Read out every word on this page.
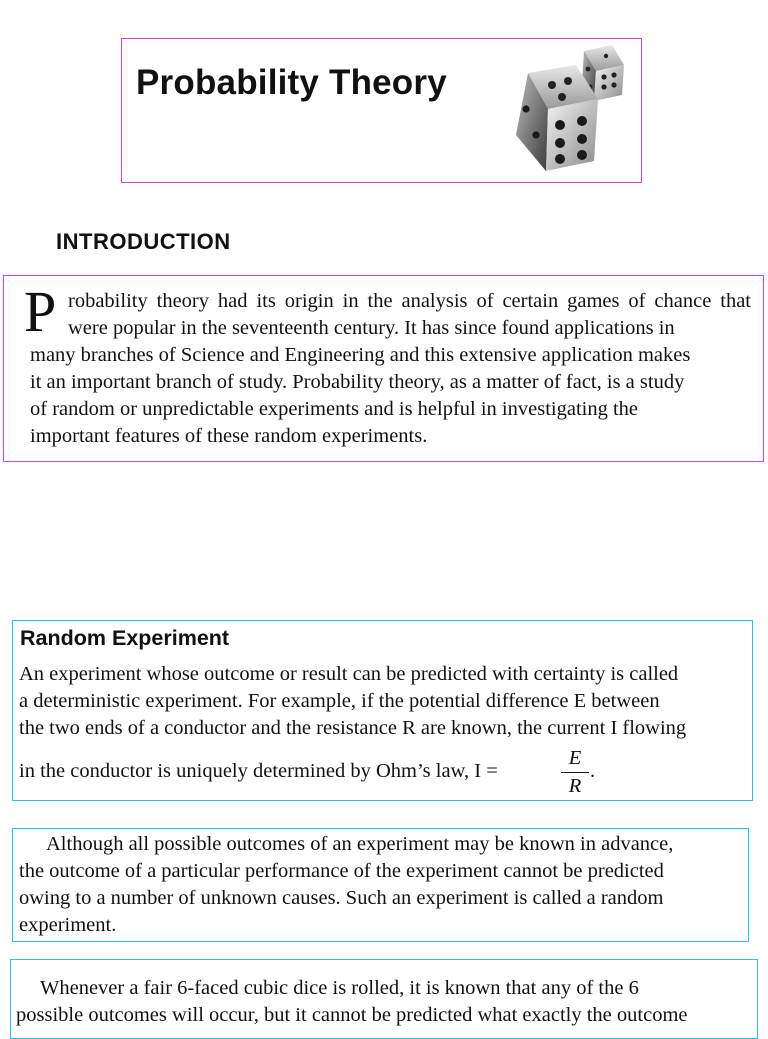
Probability Theory
INTRODUCTION
P robability theory had its origin in the analysis of certain games of chance that

were popular in the seventeenth century. It has since found applications in

many branches of Science and Engineering and this extensive application makes

it an important branch of study. Probability theory, as a matter of fact, is a study

of random or unpredictable experiments and is helpful in investigating the

important features of these random experiments.

Random Experiment

An experiment whose outcome or result can be predicted with certainty is called

a deterministic experiment. For example, if the potential difference E between

the two ends of a conductor and the resistance R are known, the current I flowing

in the conductor is uniquely determined by Ohm’s law, I =

E
R

.

Although all possible outcomes of an experiment may be known in advance,

the outcome of a particular performance of the experiment cannot be predicted

owing to a number of unknown causes. Such an experiment is called a random

experiment.

Whenever a fair 6-faced cubic dice is rolled, it is known that any of the 6

possible outcomes will occur, but it cannot be predicted what exactly the outcome
